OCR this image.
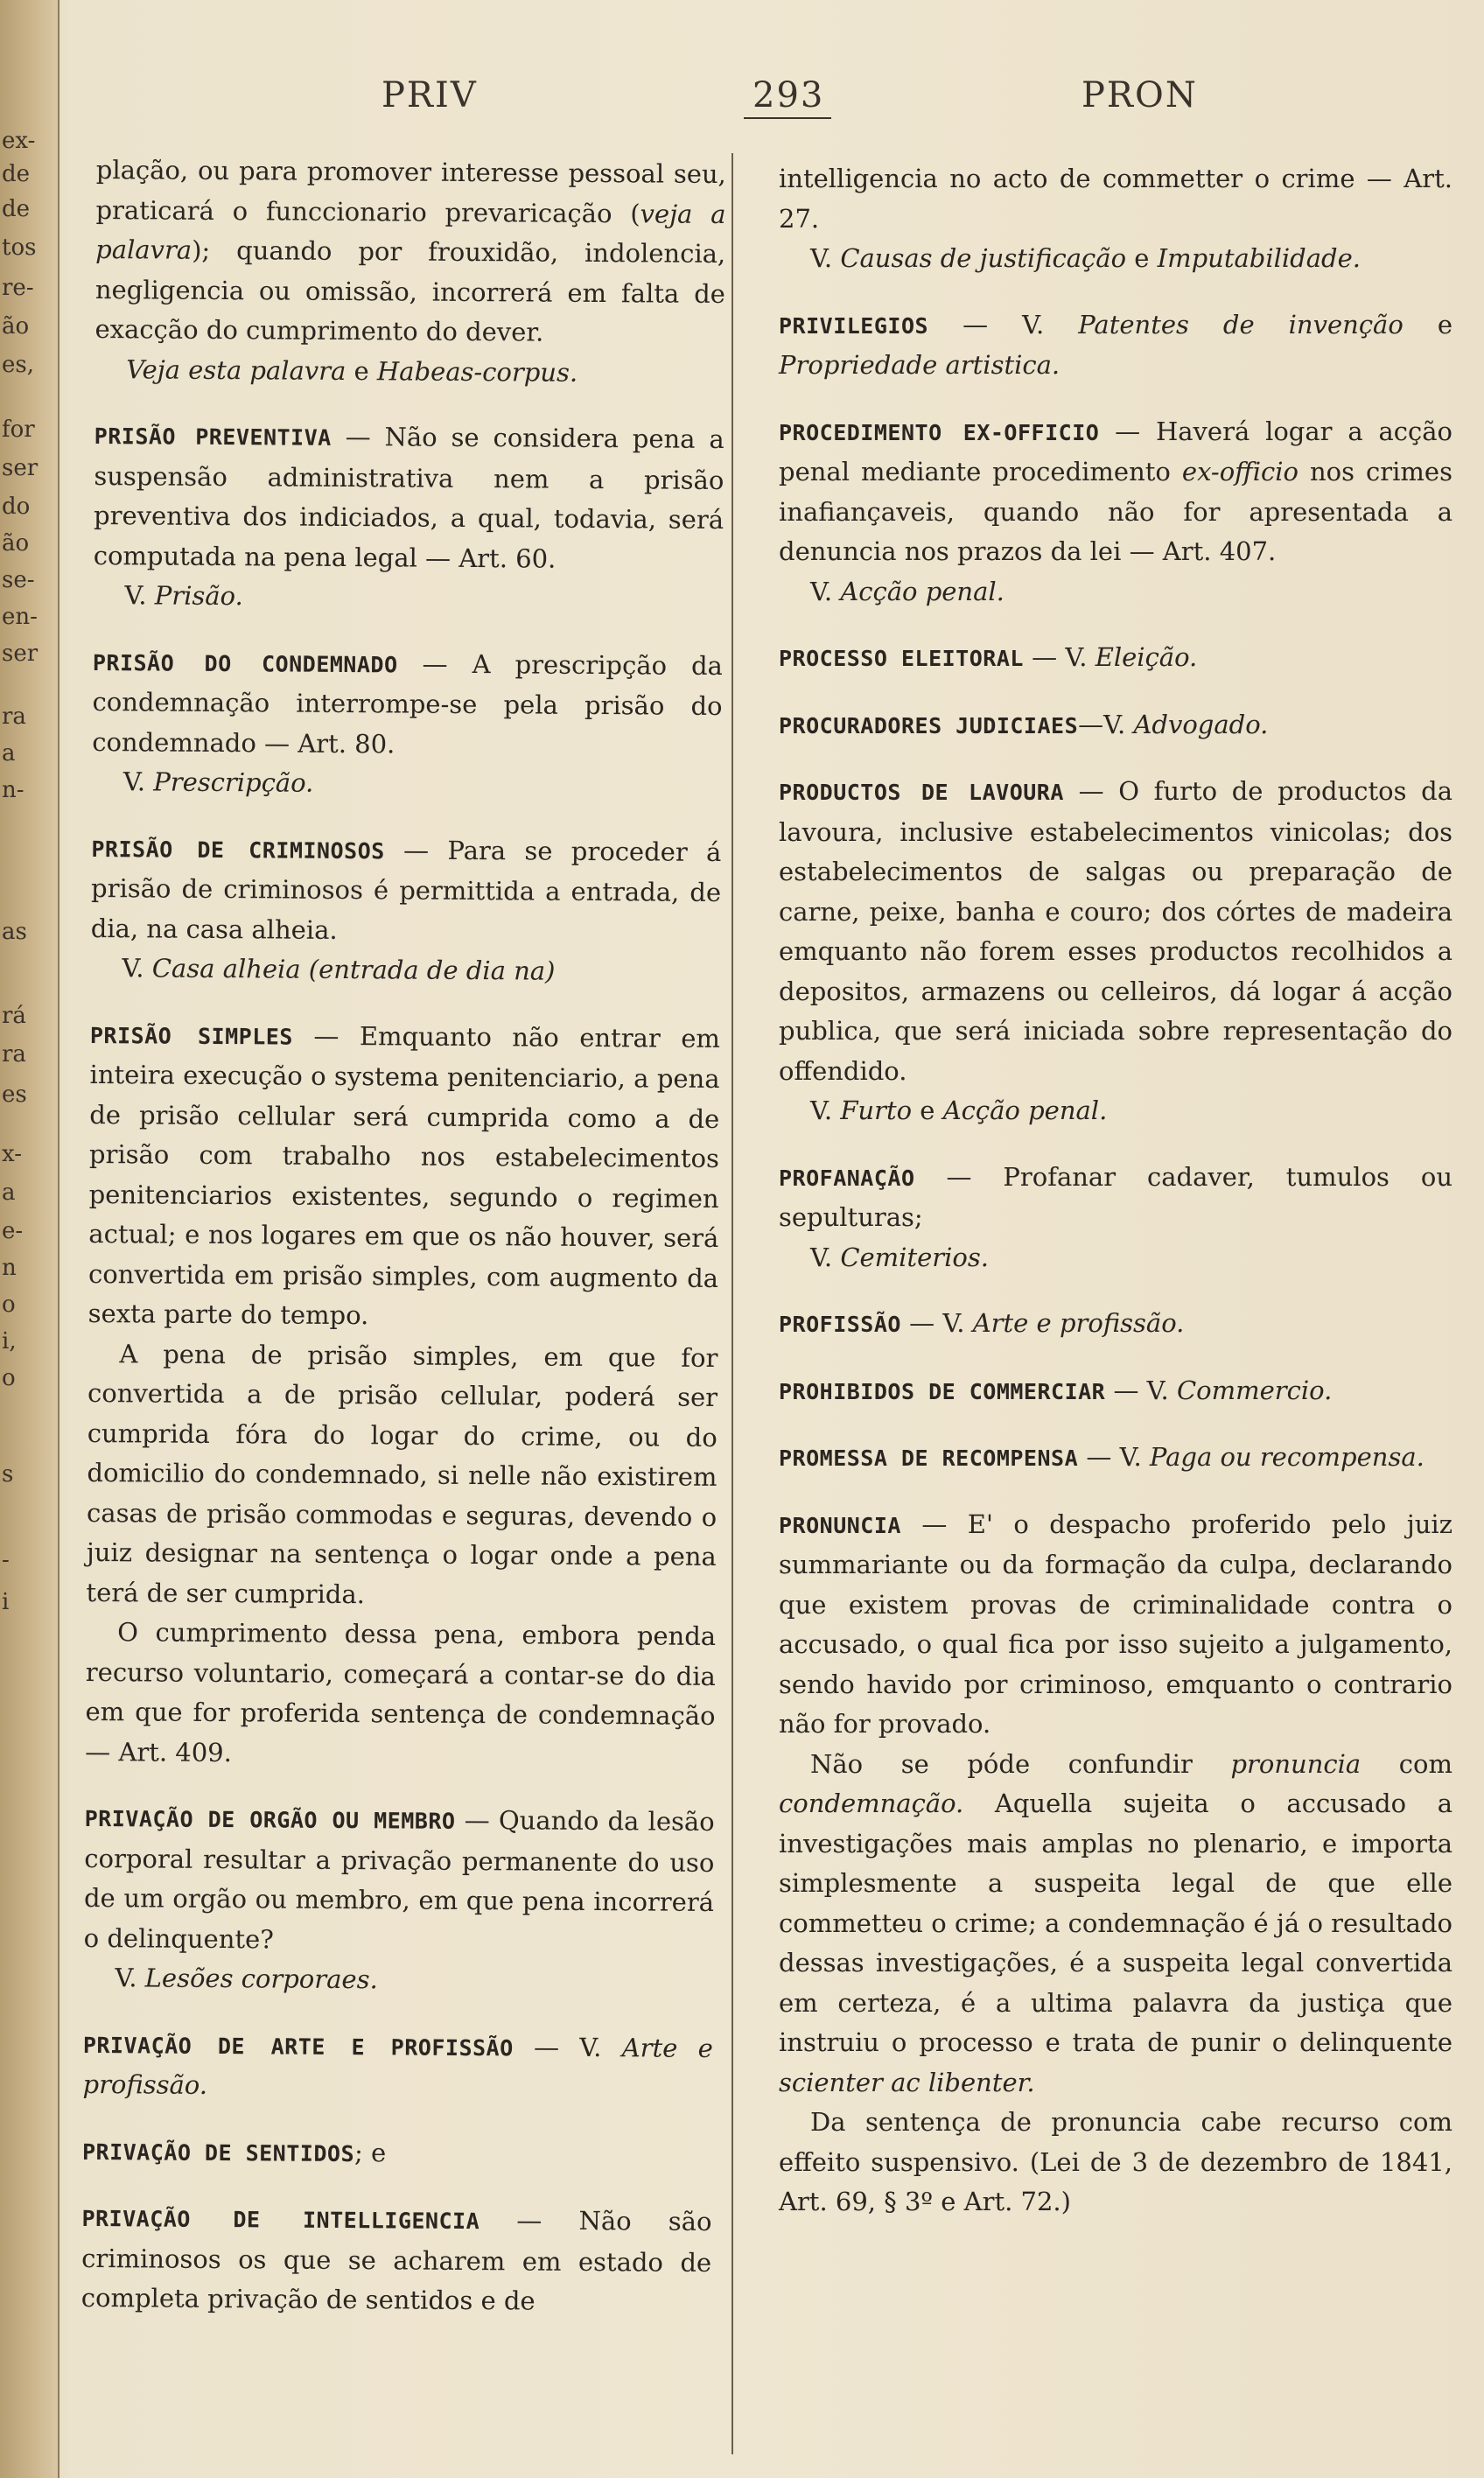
ex-
de
de
tos
re-
ão
es,
for
ser
do
ão
se-
en-
ser
ra
a
n-
as
rá
ra
es
x-
a
e-
n
o
i,
o
s
-
i
PRIV	293	PRON

plação, ou para promover interesse pessoal seu, praticará o funccionario prevaricação (veja a palavra); quando por frouxidão, indolencia, negligencia ou omissão, incorrerá em falta de exacção do cumprimento do dever.

Veja esta palavra e Habeas-corpus.

PRISÃO PREVENTIVA — Não se considera pena a suspensão administrativa nem a prisão preventiva dos indiciados, a qual, todavia, será computada na pena legal — Art. 60.

V. Prisão.

PRISÃO DO CONDEMNADO — A prescripção da condemnação interrompe-se pela prisão do condemnado — Art. 80.

V. Prescripção.

PRISÃO DE CRIMINOSOS — Para se proceder á prisão de criminosos é permittida a entrada, de dia, na casa alheia.

V. Casa alheia (entrada de dia na)

PRISÃO SIMPLES — Emquanto não entrar em inteira execução o systema penitenciario, a pena de prisão cellular será cumprida como a de prisão com trabalho nos estabelecimentos penitenciarios existentes, segundo o regimen actual; e nos logares em que os não houver, será convertida em prisão simples, com augmento da sexta parte do tempo.

A pena de prisão simples, em que for convertida a de prisão cellular, poderá ser cumprida fóra do logar do crime, ou do domicilio do condemnado, si nelle não existirem casas de prisão commodas e seguras, devendo o juiz designar na sentença o logar onde a pena terá de ser cumprida.

O cumprimento dessa pena, embora penda recurso voluntario, começará a contar-se do dia em que for proferida sentença de condemnação — Art. 409.

PRIVAÇÃO DE ORGÃO OU MEMBRO — Quando da lesão corporal resultar a privação permanente do uso de um orgão ou membro, em que pena incorrerá o delinquente?

V. Lesões corporaes.

PRIVAÇÃO DE ARTE E PROFISSÃO — V. Arte e profissão.

PRIVAÇÃO DE SENTIDOS; e

PRIVAÇÃO DE INTELLIGENCIA — Não são criminosos os que se acharem em estado de completa privação de sentidos e de

intelligencia no acto de commetter o crime — Art. 27.

V. Causas de justificação e Imputabilidade.

PRIVILEGIOS — V. Patentes de invenção e Propriedade artistica.

PROCEDIMENTO EX-OFFICIO — Haverá logar a acção penal mediante procedimento ex-officio nos crimes inafiançaveis, quando não for apresentada a denuncia nos prazos da lei — Art. 407.

V. Acção penal.

PROCESSO ELEITORAL — V. Eleição.

PROCURADORES JUDICIAES—V. Advogado.

PRODUCTOS DE LAVOURA — O furto de productos da lavoura, inclusive estabelecimentos vinicolas; dos estabelecimentos de salgas ou preparação de carne, peixe, banha e couro; dos córtes de madeira emquanto não forem esses productos recolhidos a depositos, armazens ou celleiros, dá logar á acção publica, que será iniciada sobre representação do offendido.

V. Furto e Acção penal.

PROFANAÇÃO — Profanar cadaver, tumulos ou sepulturas;

V. Cemiterios.

PROFISSÃO — V. Arte e profissão.

PROHIBIDOS DE COMMERCIAR — V. Commercio.

PROMESSA DE RECOMPENSA — V. Paga ou recompensa.

PRONUNCIA — E' o despacho proferido pelo juiz summariante ou da formação da culpa, declarando que existem provas de criminalidade contra o accusado, o qual fica por isso sujeito a julgamento, sendo havido por criminoso, emquanto o contrario não for provado.

Não se póde confundir pronuncia com condemnação. Aquella sujeita o accusado a investigações mais amplas no plenario, e importa simplesmente a suspeita legal de que elle commetteu o crime; a condemnação é já o resultado dessas investigações, é a suspeita legal convertida em certeza, é a ultima palavra da justiça que instruiu o processo e trata de punir o delinquente scienter ac libenter.

Da sentença de pronuncia cabe recurso com effeito suspensivo. (Lei de 3 de dezembro de 1841, Art. 69, § 3º e Art. 72.)
